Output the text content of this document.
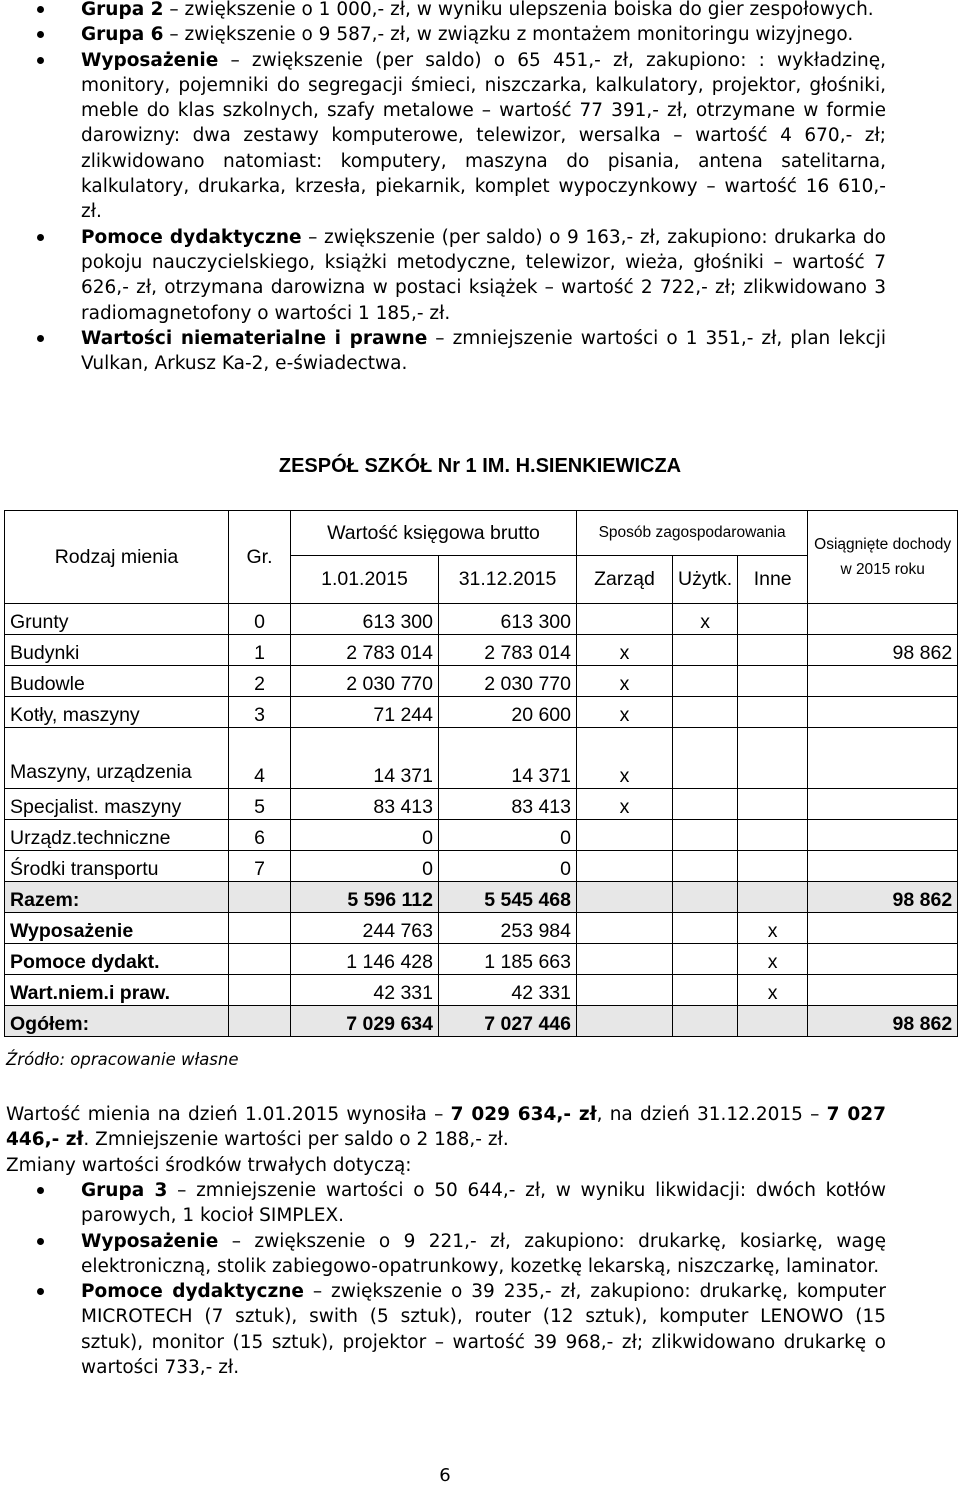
Grupa 2 – zwiększenie o 1 000,- zł, w wyniku ulepszenia boiska do gier zespołowych.
Grupa 6 – zwiększenie o 9 587,- zł, w związku z montażem monitoringu wizyjnego.
Wyposażenie – zwiększenie (per saldo) o 65 451,- zł, zakupiono: : wykładzinę, monitory, pojemniki do segregacji śmieci, niszczarka, kalkulatory, projektor, głośniki, meble do klas szkolnych, szafy metalowe – wartość 77 391,- zł, otrzymane w formie darowizny: dwa zestawy komputerowe, telewizor, wersalka – wartość 4 670,- zł; zlikwidowano natomiast: komputery, maszyna do pisania, antena satelitarna, kalkulatory, drukarka, krzesła, piekarnik, komplet wypoczynkowy – wartość 16 610,- zł.
Pomoce dydaktyczne – zwiększenie (per saldo) o 9 163,- zł, zakupiono: drukarka do pokoju nauczycielskiego, książki metodyczne, telewizor, wieża, głośniki – wartość 7 626,- zł, otrzymana darowizna w postaci książek – wartość 2 722,- zł; zlikwidowano 3 radiomagnetofony o wartości 1 185,- zł.
Wartości niematerialne i prawne – zmniejszenie wartości o 1 351,- zł, plan lekcji Vulkan, Arkusz Ka-2, e-świadectwa.
ZESPÓŁ SZKÓŁ Nr 1 IM. H.SIENKIEWICZA
Rodzaj mienia	Gr.	Wartość księgowa brutto		Sposób zagospodarowania			Osiągnięte dochody w 2015 roku
		1.01.2015	31.12.2015	Zarząd	Użytk.	Inne	
Grunty	0	613 300	613 300		x		
Budynki	1	2 783 014	2 783 014	x			98 862
Budowle	2	2 030 770	2 030 770	x			
Kotły, maszyny	3	71 244	20 600	x			
Maszyny, urządzenia	4	14 371	14 371	x			
Specjalist. maszyny	5	83 413	83 413	x			
Urządz.techniczne	6	0	0				
Środki transportu	7	0	0				
Razem:		5 596 112	5 545 468				98 862
Wyposażenie		244 763	253 984			x	
Pomoce dydakt.		1 146 428	1 185 663			x	
Wart.niem.i praw.		42 331	42 331			x	
Ogółem:		7 029 634	7 027 446				98 862
Źródło: opracowanie własne

Wartość mienia na dzień 1.01.2015 wynosiła – 7 029 634,- zł, na dzień 31.12.2015 – 7 027 446,- zł. Zmniejszenie wartości per saldo o 2 188,- zł.

Zmiany wartości środków trwałych dotyczą:

Grupa 3 – zmniejszenie wartości o 50 644,- zł, w wyniku likwidacji: dwóch kotłów parowych, 1 kocioł SIMPLEX.
Wyposażenie – zwiększenie o 9 221,- zł, zakupiono: drukarkę, kosiarkę, wagę elektroniczną, stolik zabiegowo-opatrunkowy, kozetkę lekarską, niszczarkę, laminator.
Pomoce dydaktyczne – zwiększenie o 39 235,- zł, zakupiono: drukarkę, komputer MICROTECH (7 sztuk), swith (5 sztuk), router (12 sztuk), komputer LENOWO (15 sztuk), monitor (15 sztuk), projektor – wartość 39 968,- zł; zlikwidowano drukarkę o wartości 733,- zł.
6
